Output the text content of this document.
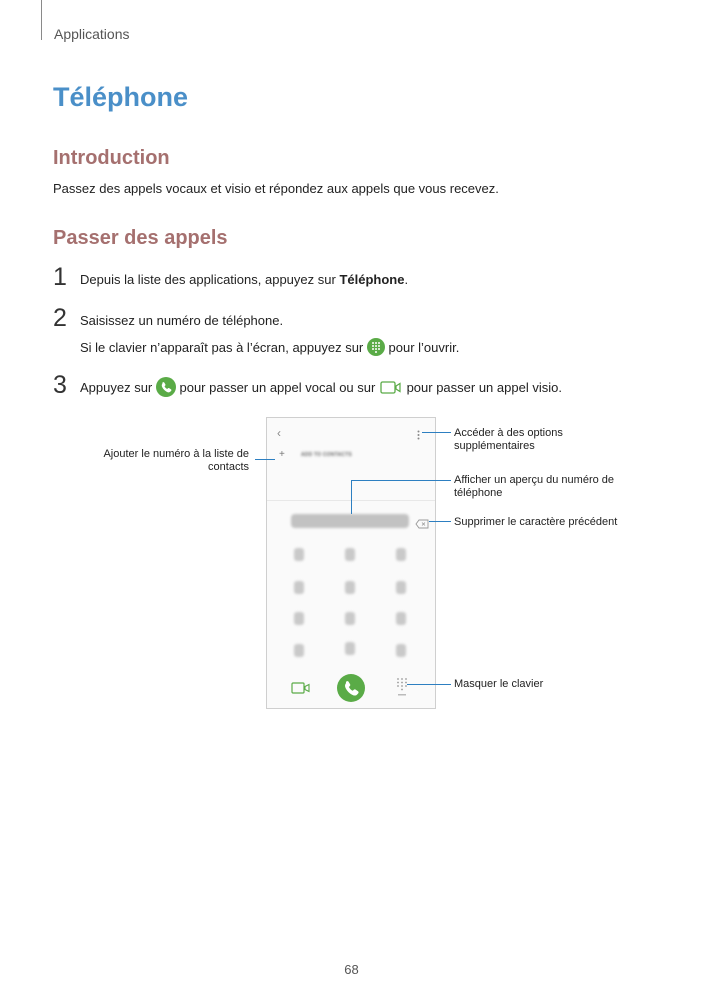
Applications
Téléphone
Introduction
Passez des appels vocaux et visio et répondez aux appels que vous recevez.
Passer des appels
1 Depuis la liste des applications, appuyez sur Téléphone.
2 Saisissez un numéro de téléphone.
Si le clavier n’apparaît pas à l’écran, appuyez sur  pour l’ouvrir.
3 Appuyez sur  pour passer un appel vocal ou sur  pour passer un appel visio.
‹
+	ADD TO CONTACTS
Ajouter le numéro à la liste de
contacts
Accéder à des options
supplémentaires
Afficher un aperçu du numéro de
téléphone
Supprimer le caractère précédent
Masquer le clavier
68
